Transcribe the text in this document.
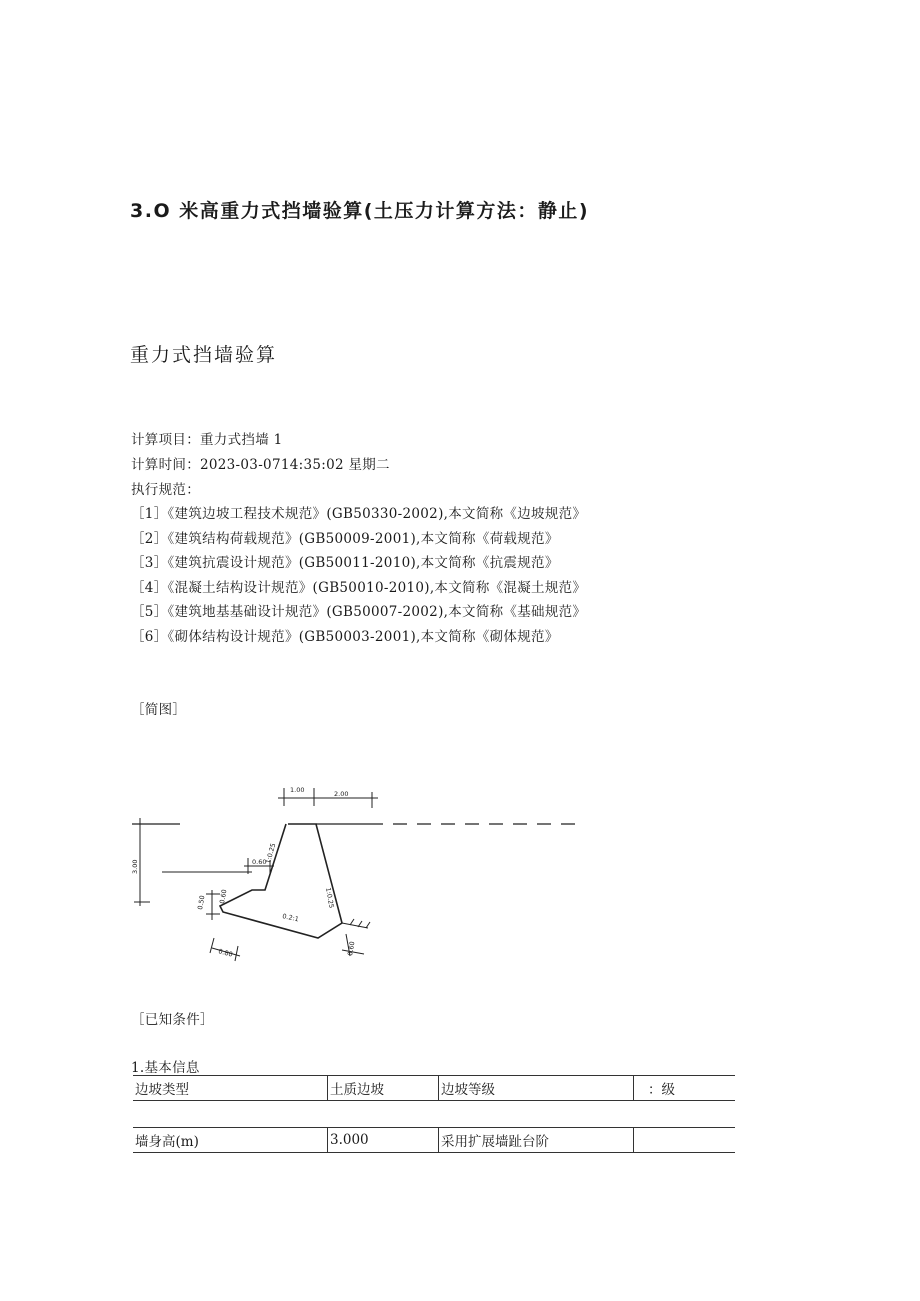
3.O 米高重力式挡墙验算(土压力计算方法：静止)
重力式挡墙验算
计算项目：重力式挡墙 1
计算时间：2023-03-0714:35:02 星期二
执行规范：
［1］《建筑边坡工程技术规范》(GB50330-2002),本文简称《边坡规范》
［2］《建筑结构荷载规范》(GB50009-2001),本文简称《荷载规范》
［3］《建筑抗震设计规范》(GB50011-2010),本文简称《抗震规范》
［4］《混凝土结构设计规范》(GB50010-2010),本文简称《混凝土规范》
［5］《建筑地基基础设计规范》(GB50007-2002),本文简称《基础规范》
［6］《砌体结构设计规范》(GB50003-2001),本文简称《砌体规范》
［简图］
1.00	2.00
3.00	0.60
1:0.25
1:0.25
0.50 0.60
0.2:1
0.80	0.60
［已知条件］
1.基本信息
边坡类型	土质边坡	边坡等级	：级
墙身高(m)	3.000	采用扩展墙趾台阶	
